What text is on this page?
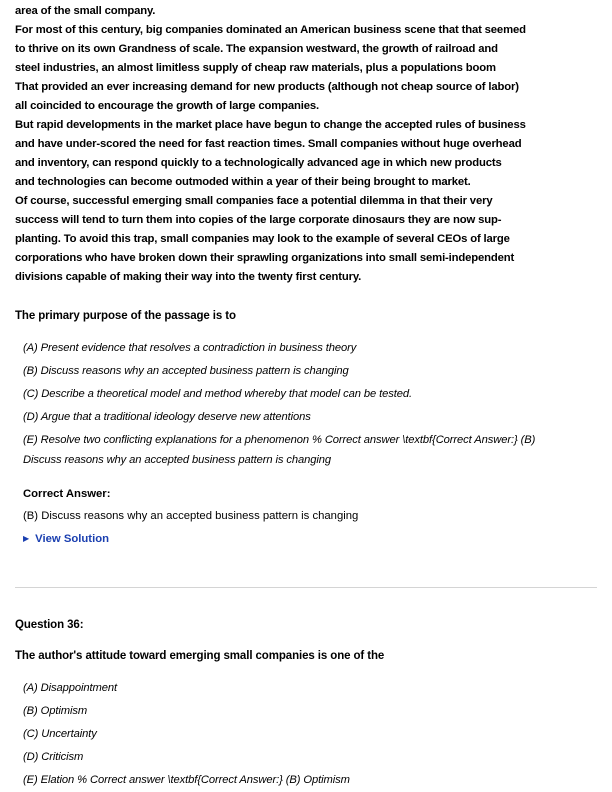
area of the small company.
For most of this century, big companies dominated an American business scene that that seemed
to thrive on its own Grandness of scale. The expansion westward, the growth of railroad and
steel industries, an almost limitless supply of cheap raw materials, plus a populations boom
That provided an ever increasing demand for new products (although not cheap source of labor)
all coincided to encourage the growth of large companies.
But rapid developments in the market place have begun to change the accepted rules of business
and have under-scored the need for fast reaction times. Small companies without huge overhead
and inventory, can respond quickly to a technologically advanced age in which new products
and technologies can become outmoded within a year of their being brought to market.
Of course, successful emerging small companies face a potential dilemma in that their very
success will tend to turn them into copies of the large corporate dinosaurs they are now sup-
planting. To avoid this trap, small companies may look to the example of several CEOs of large
corporations who have broken down their sprawling organizations into small semi-independent
divisions capable of making their way into the twenty first century.
The primary purpose of the passage is to
(A) Present evidence that resolves a contradiction in business theory
(B) Discuss reasons why an accepted business pattern is changing
(C) Describe a theoretical model and method whereby that model can be tested.
(D) Argue that a traditional ideology deserve new attentions
(E) Resolve two conflicting explanations for a phenomenon % Correct answer \textbf{Correct Answer:} (B)
Discuss reasons why an accepted business pattern is changing
Correct Answer:
(B) Discuss reasons why an accepted business pattern is changing
▶ View Solution
Question 36:
The author's attitude toward emerging small companies is one of the
(A) Disappointment
(B) Optimism
(C) Uncertainty
(D) Criticism
(E) Elation % Correct answer \textbf{Correct Answer:} (B) Optimism
